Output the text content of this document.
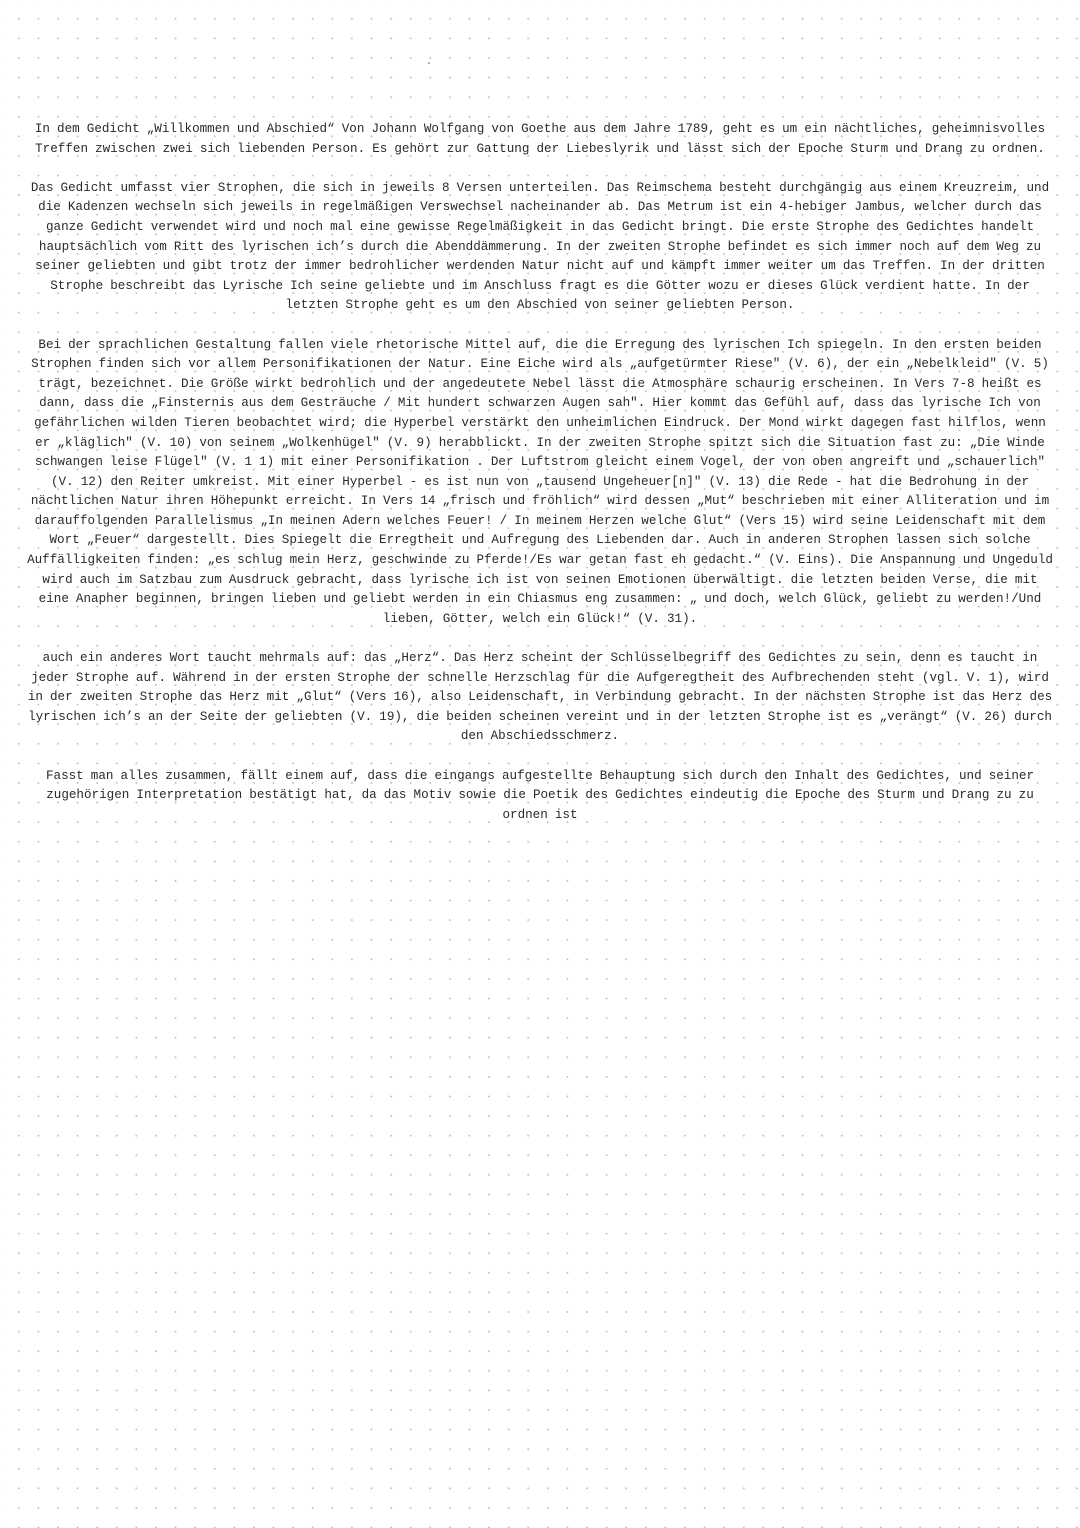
In dem Gedicht „Willkommen und Abschied“ Von Johann Wolfgang von Goethe aus dem Jahre 1789, geht es um ein nächtliches, geheimnisvolles Treffen zwischen zwei sich liebenden Person. Es gehört zur Gattung der Liebeslyrik und lässt sich der Epoche Sturm und Drang zu ordnen.

Das Gedicht umfasst vier Strophen, die sich in jeweils 8 Versen unterteilen. Das Reimschema besteht durchgängig aus einem Kreuzreim, und die Kadenzen wechseln sich jeweils in regelmäßigen Verswechsel nacheinander ab. Das Metrum ist ein 4-hebiger Jambus, welcher durch das ganze Gedicht verwendet wird und noch mal eine gewisse Regelmäßigkeit in das Gedicht bringt. Die erste Strophe des Gedichtes handelt hauptsächlich vom Ritt des lyrischen ich’s durch die Abenddämmerung. In der zweiten Strophe befindet es sich immer noch auf dem Weg zu seiner geliebten und gibt trotz der immer bedrohlicher werdenden Natur nicht auf und kämpft immer weiter um das Treffen. In der dritten Strophe beschreibt das Lyrische Ich seine geliebte und im Anschluss fragt es die Götter wozu er dieses Glück verdient hatte. In der letzten Strophe geht es um den Abschied von seiner geliebten Person.

Bei der sprachlichen Gestaltung fallen viele rhetorische Mittel auf, die die Erregung des lyrischen Ich spiegeln. In den ersten beiden Strophen finden sich vor allem Personifikationen der Natur. Eine Eiche wird als „aufgetürmter Riese" (V. 6), der ein „Nebelkleid" (V. 5) trägt, bezeichnet. Die Größe wirkt bedrohlich und der angedeutete Nebel lässt die Atmosphäre schaurig erscheinen. In Vers 7-8 heißt es dann, dass die „Finsternis aus dem Gesträuche / Mit hundert schwarzen Augen sah". Hier kommt das Gefühl auf, dass das lyrische Ich von gefährlichen wilden Tieren beobachtet wird; die Hyperbel verstärkt den unheimlichen Eindruck. Der Mond wirkt dagegen fast hilflos, wenn er „kläglich" (V. 10) von seinem „Wolkenhügel" (V. 9) herabblickt. In der zweiten Strophe spitzt sich die Situation fast zu: „Die Winde schwangen leise Flügel" (V. 1 1) mit einer Personifikation . Der Luftstrom gleicht einem Vogel, der von oben angreift und „schauerlich" (V. 12) den Reiter umkreist. Mit einer Hyperbel - es ist nun von „tausend Ungeheuer[n]" (V. 13) die Rede - hat die Bedrohung in der nächtlichen Natur ihren Höhepunkt erreicht. In Vers 14 „frisch und fröhlich“ wird dessen „Mut“ beschrieben mit einer Alliteration und im darauffolgenden Parallelismus „In meinen Adern welches Feuer! / In meinem Herzen welche Glut“ (Vers 15) wird seine Leidenschaft mit dem Wort „Feuer“ dargestellt. Dies Spiegelt die Erregtheit und Aufregung des Liebenden dar. Auch in anderen Strophen lassen sich solche Auffälligkeiten finden: „es schlug mein Herz, geschwinde zu Pferde!/Es war getan fast eh gedacht.“ (V. Eins). Die Anspannung und Ungeduld wird auch im Satzbau zum Ausdruck gebracht, dass lyrische ich ist von seinen Emotionen überwältigt. die letzten beiden Verse, die mit eine Anapher beginnen, bringen lieben und geliebt werden in ein Chiasmus eng zusammen: „ und doch, welch Glück, geliebt zu werden!/Und lieben, Götter, welch ein Glück!“ (V. 31).

auch ein anderes Wort taucht mehrmals auf: das „Herz“. Das Herz scheint der Schlüsselbegriff des Gedichtes zu sein, denn es taucht in jeder Strophe auf. Während in der ersten Strophe der schnelle Herzschlag für die Aufgeregtheit des Aufbrechenden steht (vgl. V. 1), wird in der zweiten Strophe das Herz mit „Glut“ (Vers 16), also Leidenschaft, in Verbindung gebracht. In der nächsten Strophe ist das Herz des lyrischen ich’s an der Seite der geliebten (V. 19), die beiden scheinen vereint und in der letzten Strophe ist es „verängt“ (V. 26) durch den Abschiedsschmerz.

Fasst man alles zusammen, fällt einem auf, dass die eingangs aufgestellte Behauptung sich durch den Inhalt des Gedichtes, und seiner zugehörigen Interpretation bestätigt hat, da das Motiv sowie die Poetik des Gedichtes eindeutig die Epoche des Sturm und Drang zu zu ordnen ist
